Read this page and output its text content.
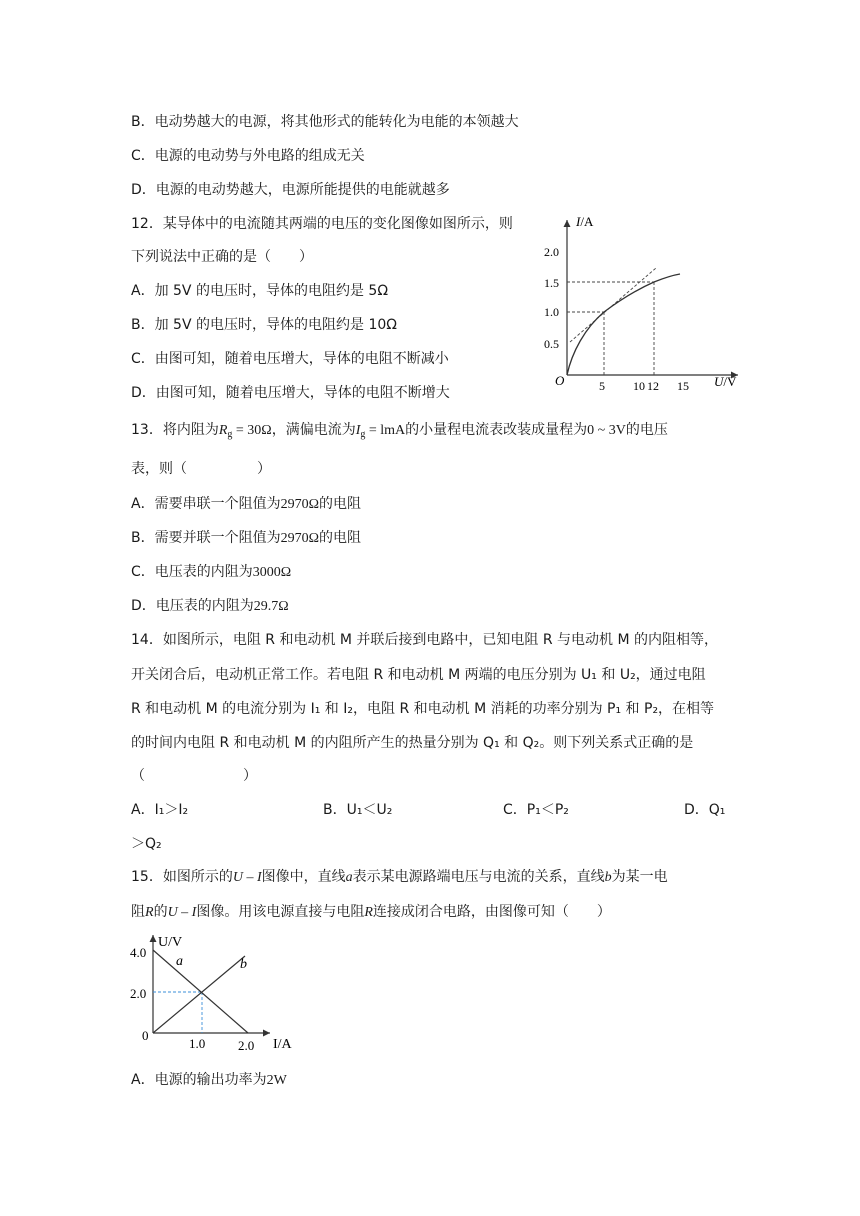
B．电动势越大的电源，将其他形式的能转化为电能的本领越大
C．电源的电动势与外电路的组成无关
D．电源的电动势越大，电源所能提供的电能就越多
12．某导体中的电流随其两端的电压的变化图像如图所示，则
下列说法中正确的是（　　）
A．加 5V 的电压时，导体的电阻约是 5Ω
B．加 5V 的电压时，导体的电阻约是 10Ω
C．由图可知，随着电压增大，导体的电阻不断减小
D．由图可知，随着电压增大，导体的电阻不断增大
I/A
U/V
O
0.5
1.0
1.5
2.0
5 10 12 15
13．将内阻为$R_g = 30\Omega$，满偏电流为$I_g$ = lmA的小量程电流表改装成量程为0 ~ 3V的电压
表，则（　　　　　）
A．需要串联一个阻值为2970Ω的电阻
B．需要并联一个阻值为2970Ω的电阻
C．电压表的内阻为3000Ω
D．电压表的内阻为29.7Ω
14．如图所示，电阻 R 和电动机 M 并联后接到电路中，已知电阻 R 与电动机 M 的内阻相等，
开关闭合后，电动机正常工作。若电阻 R 和电动机 M 两端的电压分别为 U₁ 和 U₂，通过电阻
R 和电动机 M 的电流分别为 I₁ 和 I₂，电阻 R 和电动机 M 消耗的功率分别为 P₁ 和 P₂，在相等
的时间内电阻 R 和电动机 M 的内阻所产生的热量分别为 Q₁ 和 Q₂。则下列关系式正确的是
（　　　　　　　）
A．I₁＞I₂	B．U₁＜U₂	C．P₁＜P₂	D．Q₁
＞Q₂
15．如图所示的U – I图像中，直线a表示某电源路端电压与电流的关系，直线b为某一电
阻R的U – I图像。用该电源直接与电阻R连接成闭合电路，由图像可知（　　）
U/V
I/A
4.0
2.0
0
1.0	2.0
a	b
A．电源的输出功率为2W
